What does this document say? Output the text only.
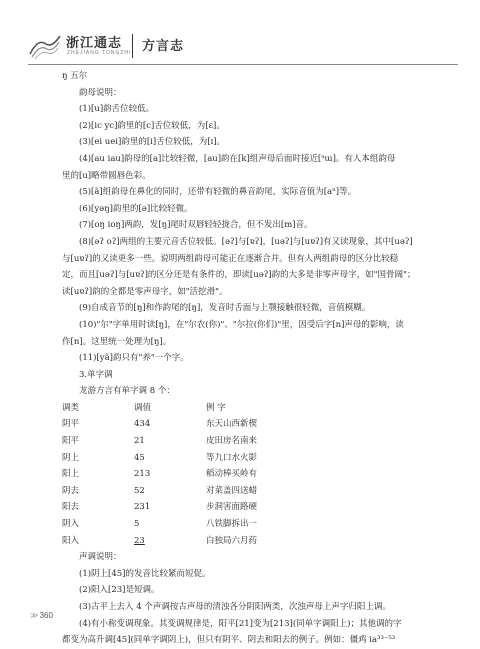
浙江通志
ZHEJIANG TONGZHI 方言志
ŋ 五尔
韵母说明：
(1)[u]韵舌位较低。
(2)[ic yc]韵里的[c]舌位较低，为[ɛ]。
(3)[ei uei]韵里的[i]舌位较低，为[ɪ]。
(4)[au iau]韵母的[a]比较轻微，[au]韵在[k]组声母后面时接近[ᵘɯ]。有人本组韵母
里的[u]略带圆唇色彩。
(5)[ã]组韵母在鼻化的同时，还带有轻微的鼻音韵尾，实际音值为[aⁿ]等。
(6)[yəŋ]韵里的[ə]比较轻微。
(7)[oŋ ioŋ]两韵，发[ŋ]尾时双唇轻轻拢合，但不发出[m]音。
(8)[əʔ oʔ]两组的主要元音舌位较低。[əʔ]与[ɐʔ]，[uəʔ]与[uɐʔ]有又读现象，其中[uəʔ]
与[uɐʔ]的又读更多一些。说明两组韵母可能正在逐渐合并。但有人两组韵母的区分比较稳
定，而且[uəʔ]与[uɐʔ]的区分还是有条件的，即读[uəʔ]韵的大多是非零声母字，如"国骨阔"；
读[uɐʔ]韵的全都是零声母字，如"活挖滑"。
(9)自成音节的[ŋ]和作韵尾的[ŋ]，发音时舌面与上颚接触很轻微，音值模糊。
(10)"尔"字单用时读[ŋ]，在"尔农(你)"、"尔拉(你们)"里，因受后字[n]声母的影响，读
作[n]。这里统一处理为[ŋ]。
(11)[yã]韵只有"养"一个字。
3.单字调
龙游方言有单字调 8 个：
调类	调值	例 字
阴平	434	东天山西新楔
阳平	21	皮田房名南来
阴上	45	等九口水火影
阳上	213	稻动棒买岭有
阴去	52	对菜盖四送蜡
阳去	231	步洞害面路硬
阴入	5	八铁脚拆出一
阳入	23	白独局六月药
声调说明：
(1)阴上[45]的发音比较紧而短促。
(2)阳入[23]是短调。
(3)古平上去入 4 个声调按古声母的清浊各分阴阳两类，次浊声母上声字归阳上调。
(4)有小称变调现象。其变调规律是，阳平[21]变为[213](同单字调阳上)；其他调的字
都变为高升调[45](同单字调阴上)，但只有阴平、阴去和阳去的例子。例如：僵鸡 ia³³⁻⁵³
≫ 360
